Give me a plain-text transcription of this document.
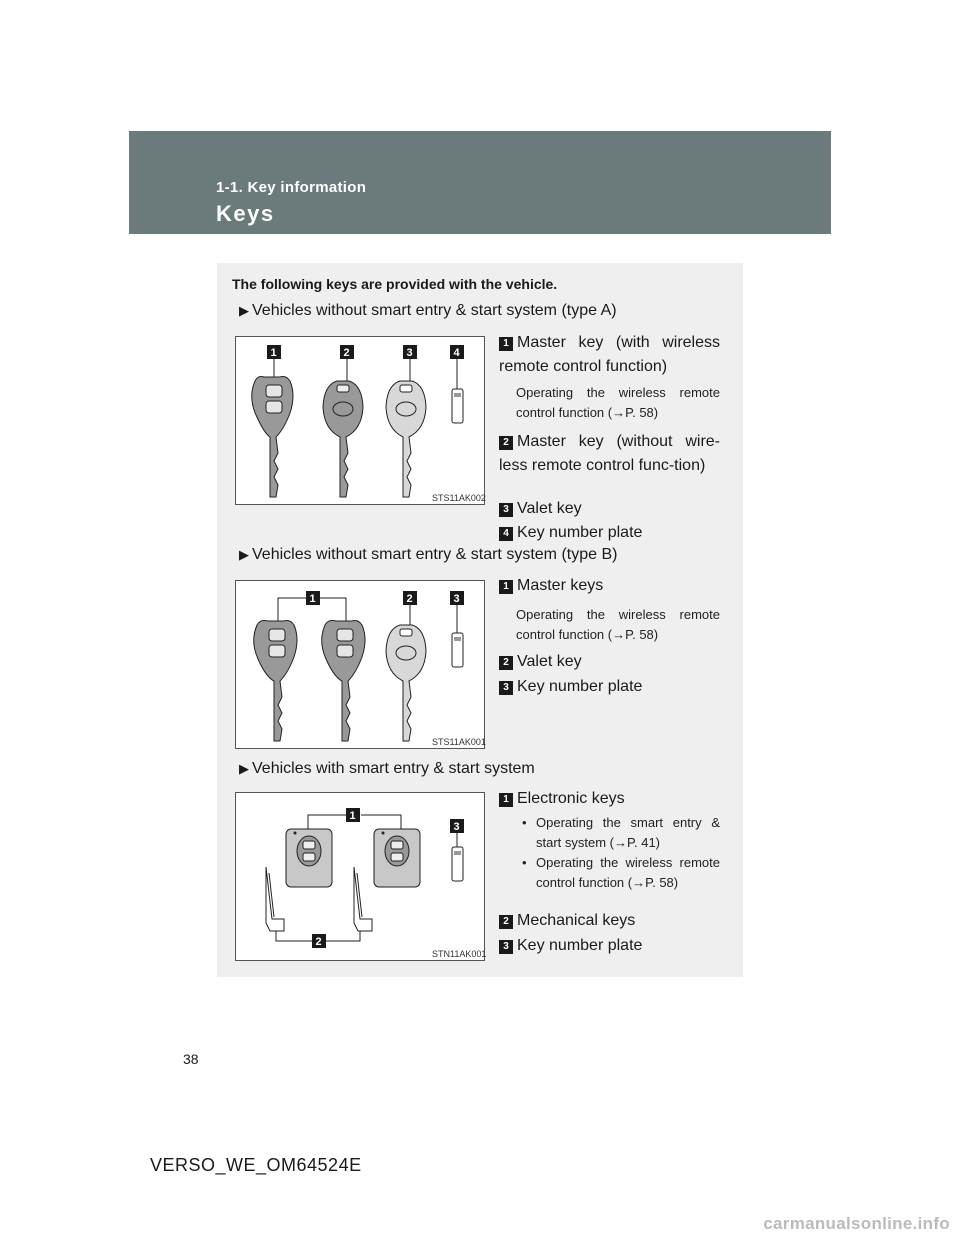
1-1. Key information
Keys
The following keys are provided with the vehicle.
▶ Vehicles without smart entry & start system (type A)
1	2	3	4
STS11AK002
1 Master key (with wireless remote control function)
Operating the wireless remote control function (→P. 58)
2 Master key (without wire-less remote control func-tion)
3 Valet key
4 Key number plate
▶ Vehicles without smart entry & start system (type B)
1	2	3
STS11AK001
1 Master keys
Operating the wireless remote control function (→P. 58)
2 Valet key
3 Key number plate
▶ Vehicles with smart entry & start system
1
2
3
STN11AK001
1 Electronic keys
• Operating the smart entry & start system (→P. 41)
• Operating the wireless remote control function (→P. 58)
2 Mechanical keys
3 Key number plate
38
VERSO_WE_OM64524E
carmanualsonline.info
